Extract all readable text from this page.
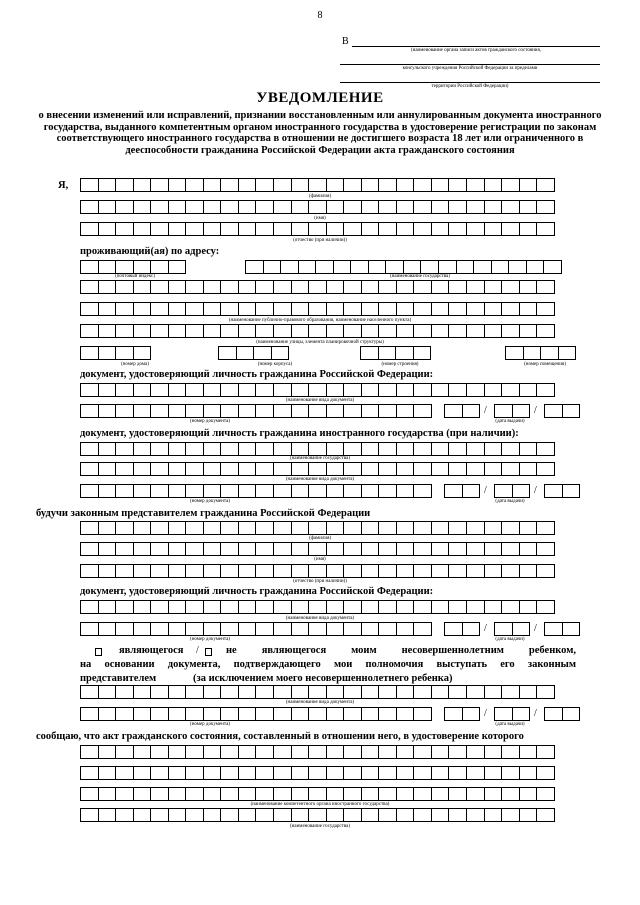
8
В
(наименование органа записи актов гражданского состояния,
консульского учреждения Российской Федерации за пределами
территории Российской Федерации)
УВЕДОМЛЕНИЕ
о внесении изменений или исправлений, признании восстановленным или аннулированным документа иностранного государства, выданного компетентным органом иностранного государства в удостоверение регистрации по законам соответствующего иностранного государства в отношении не достигшего возраста 18 лет или ограниченного в дееспособности гражданина Российской Федерации акта гражданского состояния
Я,
(фамилия)
(имя)
(отчество (при наличии))
проживающий(ая) по адресу:
(почтовый индекс)	(наименование государства)
(наименование публично-правового образования, наименование населенного пункта)
(наименование улицы, элемента планировочной структуры)
(номер дома)	(номер корпуса)	(номер строения)	(номер помещения)
документ, удостоверяющий личность гражданина Российской Федерации:
(наименование вида документа)
/	/
(номер документа)	(дата выдачи)
документ, удостоверяющий личность гражданина иностранного государства (при наличии):
(наименование государства)
(наименование вида документа)
/	/
(номер документа)	(дата выдачи)
будучи законным представителем гражданина Российской Федерации
(фамилия)
(имя)
(отчество (при наличии))
документ, удостоверяющий личность гражданина Российской Федерации:
(наименование вида документа)
/	/
(номер документа)	(дата выдачи)
являющегося /	не являющегося моим несовершеннолетним ребенком,
на основании документа, подтверждающего мои полномочия выступать его законным
представителем	(за исключением моего несовершеннолетнего ребенка)
(наименование вида документа)
/	/
(номер документа)	(дата выдачи)
сообщаю, что акт гражданского состояния, составленный в отношении него, в удостоверение которого
(наименование компетентного органа иностранного государства)
(наименование государства)
